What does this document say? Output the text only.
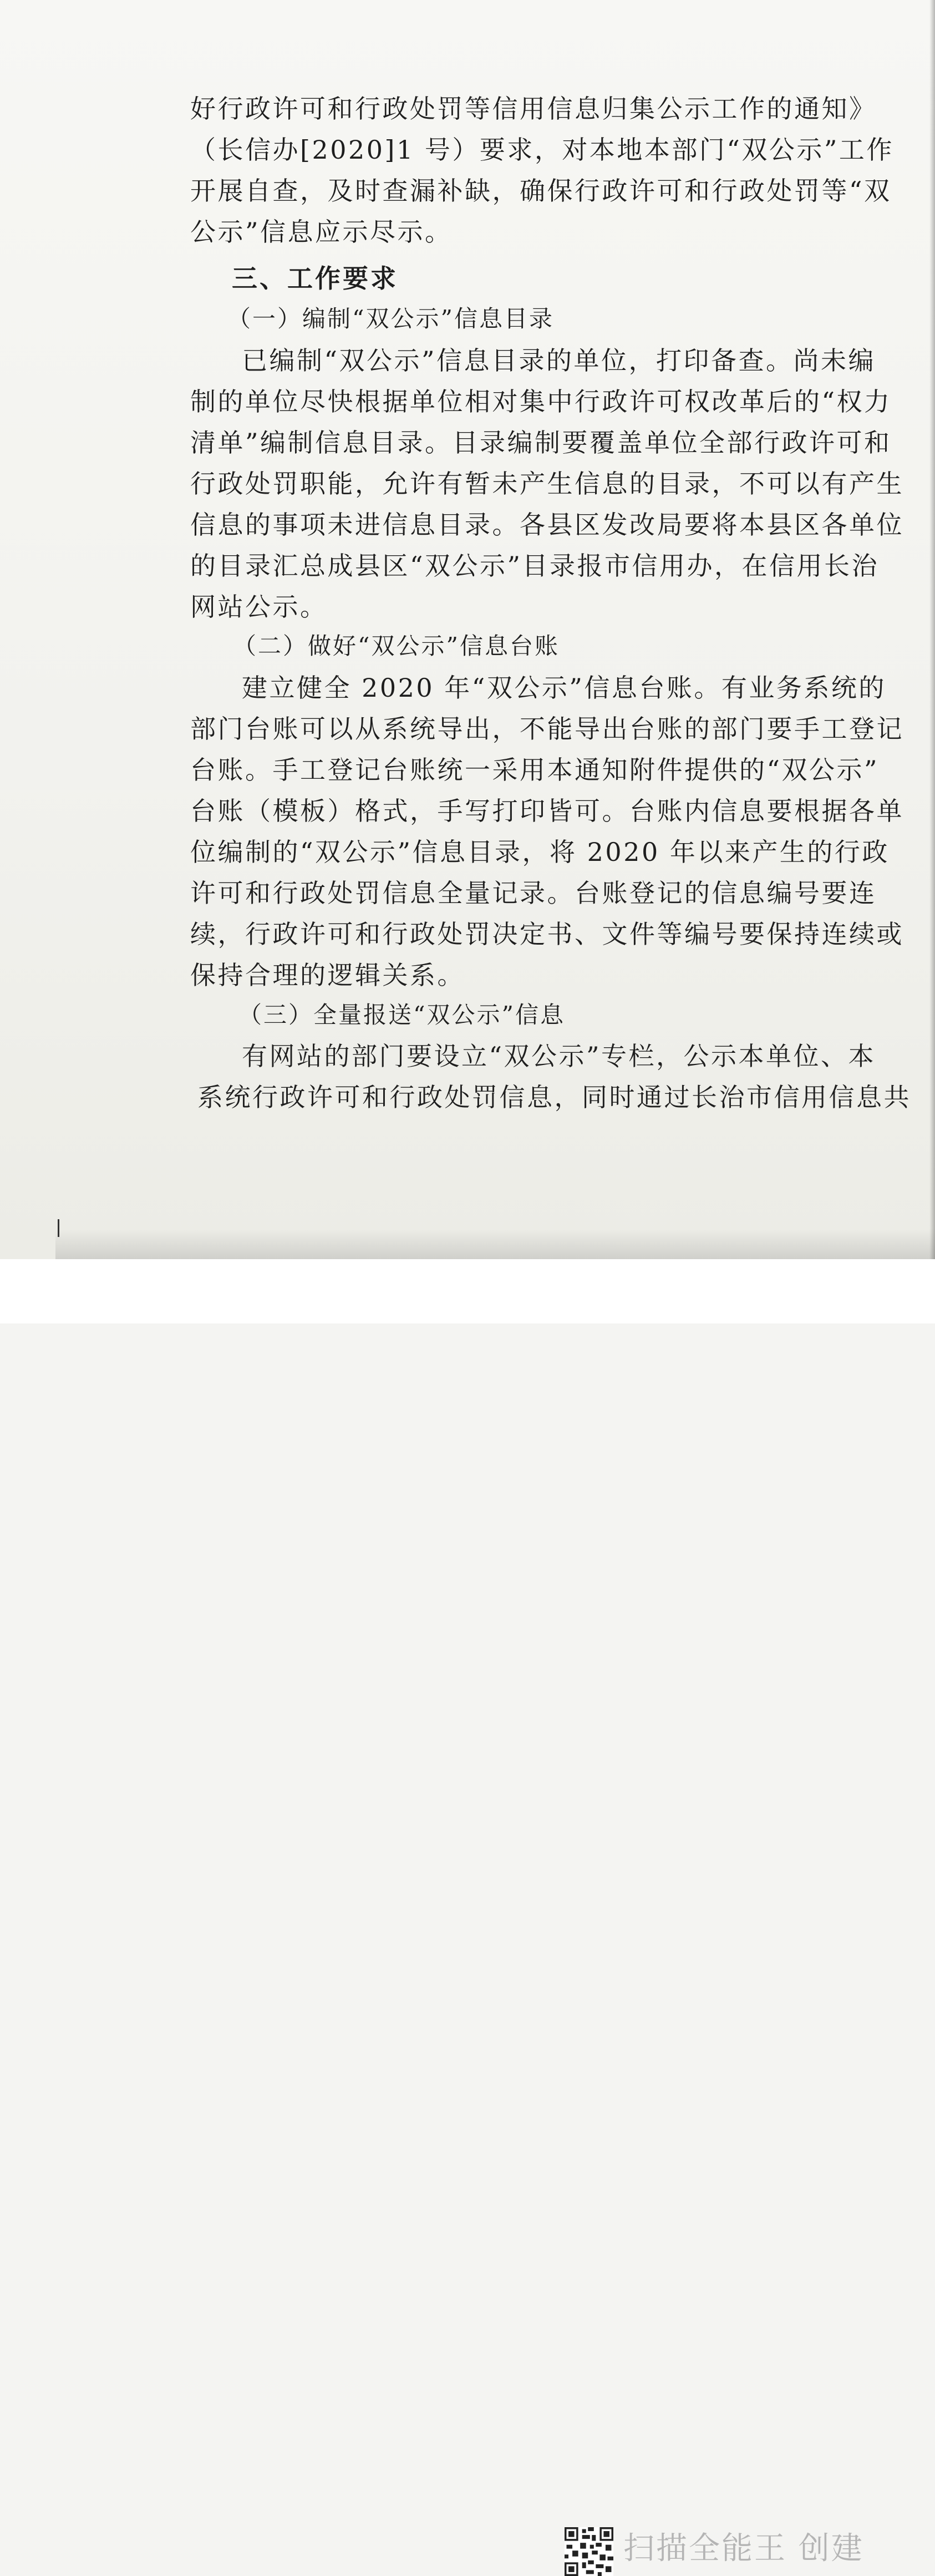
好行政许可和行政处罚等信用信息归集公示工作的通知》
（长信办[2020]1 号）要求，对本地本部门“双公示”工作
开展自查，及时查漏补缺，确保行政许可和行政处罚等“双
公示”信息应示尽示。
三、工作要求
（一）编制“双公示”信息目录
已编制“双公示”信息目录的单位，打印备查。尚未编
制的单位尽快根据单位相对集中行政许可权改革后的“权力
清单”编制信息目录。目录编制要覆盖单位全部行政许可和
行政处罚职能，允许有暂未产生信息的目录，不可以有产生
信息的事项未进信息目录。各县区发改局要将本县区各单位
的目录汇总成县区“双公示”目录报市信用办，在信用长治
网站公示。
（二）做好“双公示”信息台账
建立健全 2020 年“双公示”信息台账。有业务系统的
部门台账可以从系统导出，不能导出台账的部门要手工登记
台账。手工登记台账统一采用本通知附件提供的“双公示”
台账（模板）格式，手写打印皆可。台账内信息要根据各单
位编制的“双公示”信息目录，将 2020 年以来产生的行政
许可和行政处罚信息全量记录。台账登记的信息编号要连
续，行政许可和行政处罚决定书、文件等编号要保持连续或
保持合理的逻辑关系。
（三）全量报送“双公示”信息
有网站的部门要设立“双公示”专栏，公示本单位、本
系统行政许可和行政处罚信息，同时通过长治市信用信息共
扫描全能王 创建
